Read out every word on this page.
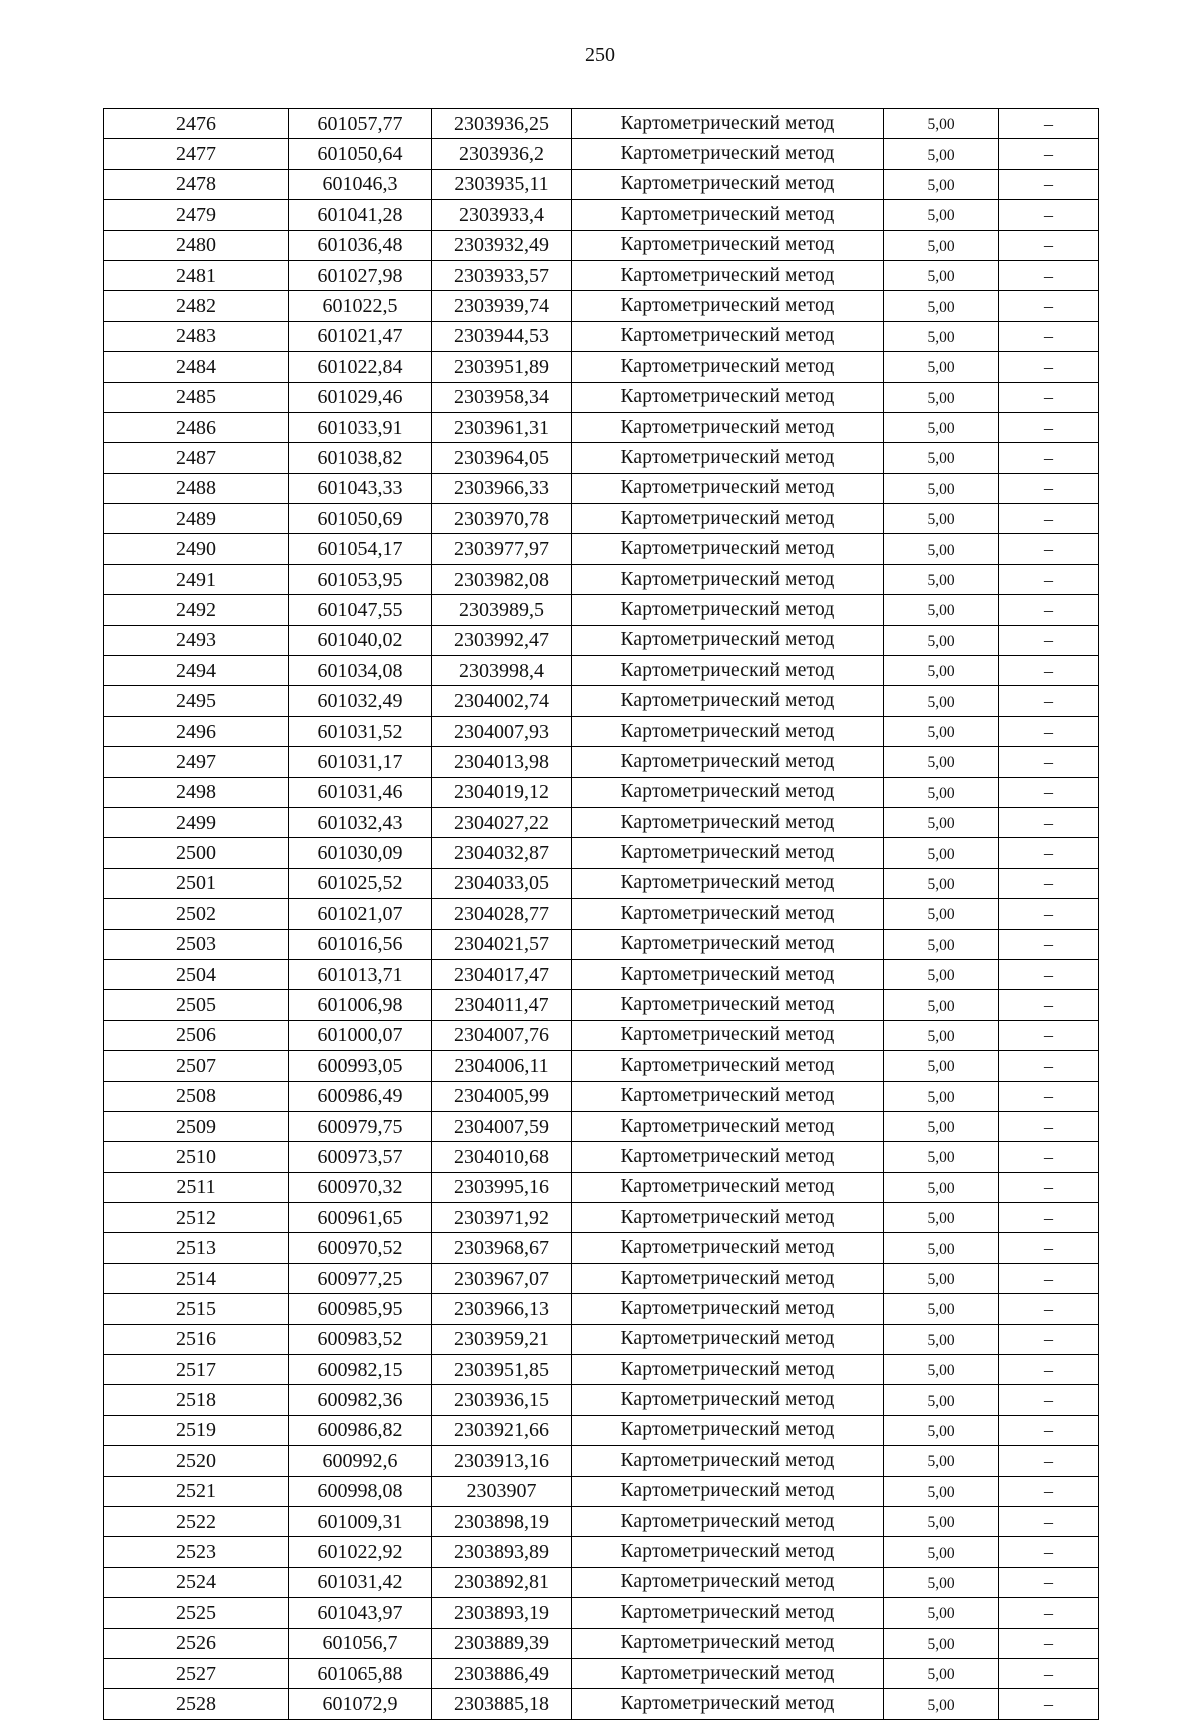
250
2476	601057,77	2303936,25	Картометрический метод	5,00	–
2477	601050,64	2303936,2	Картометрический метод	5,00	–
2478	601046,3	2303935,11	Картометрический метод	5,00	–
2479	601041,28	2303933,4	Картометрический метод	5,00	–
2480	601036,48	2303932,49	Картометрический метод	5,00	–
2481	601027,98	2303933,57	Картометрический метод	5,00	–
2482	601022,5	2303939,74	Картометрический метод	5,00	–
2483	601021,47	2303944,53	Картометрический метод	5,00	–
2484	601022,84	2303951,89	Картометрический метод	5,00	–
2485	601029,46	2303958,34	Картометрический метод	5,00	–
2486	601033,91	2303961,31	Картометрический метод	5,00	–
2487	601038,82	2303964,05	Картометрический метод	5,00	–
2488	601043,33	2303966,33	Картометрический метод	5,00	–
2489	601050,69	2303970,78	Картометрический метод	5,00	–
2490	601054,17	2303977,97	Картометрический метод	5,00	–
2491	601053,95	2303982,08	Картометрический метод	5,00	–
2492	601047,55	2303989,5	Картометрический метод	5,00	–
2493	601040,02	2303992,47	Картометрический метод	5,00	–
2494	601034,08	2303998,4	Картометрический метод	5,00	–
2495	601032,49	2304002,74	Картометрический метод	5,00	–
2496	601031,52	2304007,93	Картометрический метод	5,00	–
2497	601031,17	2304013,98	Картометрический метод	5,00	–
2498	601031,46	2304019,12	Картометрический метод	5,00	–
2499	601032,43	2304027,22	Картометрический метод	5,00	–
2500	601030,09	2304032,87	Картометрический метод	5,00	–
2501	601025,52	2304033,05	Картометрический метод	5,00	–
2502	601021,07	2304028,77	Картометрический метод	5,00	–
2503	601016,56	2304021,57	Картометрический метод	5,00	–
2504	601013,71	2304017,47	Картометрический метод	5,00	–
2505	601006,98	2304011,47	Картометрический метод	5,00	–
2506	601000,07	2304007,76	Картометрический метод	5,00	–
2507	600993,05	2304006,11	Картометрический метод	5,00	–
2508	600986,49	2304005,99	Картометрический метод	5,00	–
2509	600979,75	2304007,59	Картометрический метод	5,00	–
2510	600973,57	2304010,68	Картометрический метод	5,00	–
2511	600970,32	2303995,16	Картометрический метод	5,00	–
2512	600961,65	2303971,92	Картометрический метод	5,00	–
2513	600970,52	2303968,67	Картометрический метод	5,00	–
2514	600977,25	2303967,07	Картометрический метод	5,00	–
2515	600985,95	2303966,13	Картометрический метод	5,00	–
2516	600983,52	2303959,21	Картометрический метод	5,00	–
2517	600982,15	2303951,85	Картометрический метод	5,00	–
2518	600982,36	2303936,15	Картометрический метод	5,00	–
2519	600986,82	2303921,66	Картометрический метод	5,00	–
2520	600992,6	2303913,16	Картометрический метод	5,00	–
2521	600998,08	2303907	Картометрический метод	5,00	–
2522	601009,31	2303898,19	Картометрический метод	5,00	–
2523	601022,92	2303893,89	Картометрический метод	5,00	–
2524	601031,42	2303892,81	Картометрический метод	5,00	–
2525	601043,97	2303893,19	Картометрический метод	5,00	–
2526	601056,7	2303889,39	Картометрический метод	5,00	–
2527	601065,88	2303886,49	Картометрический метод	5,00	–
2528	601072,9	2303885,18	Картометрический метод	5,00	–
